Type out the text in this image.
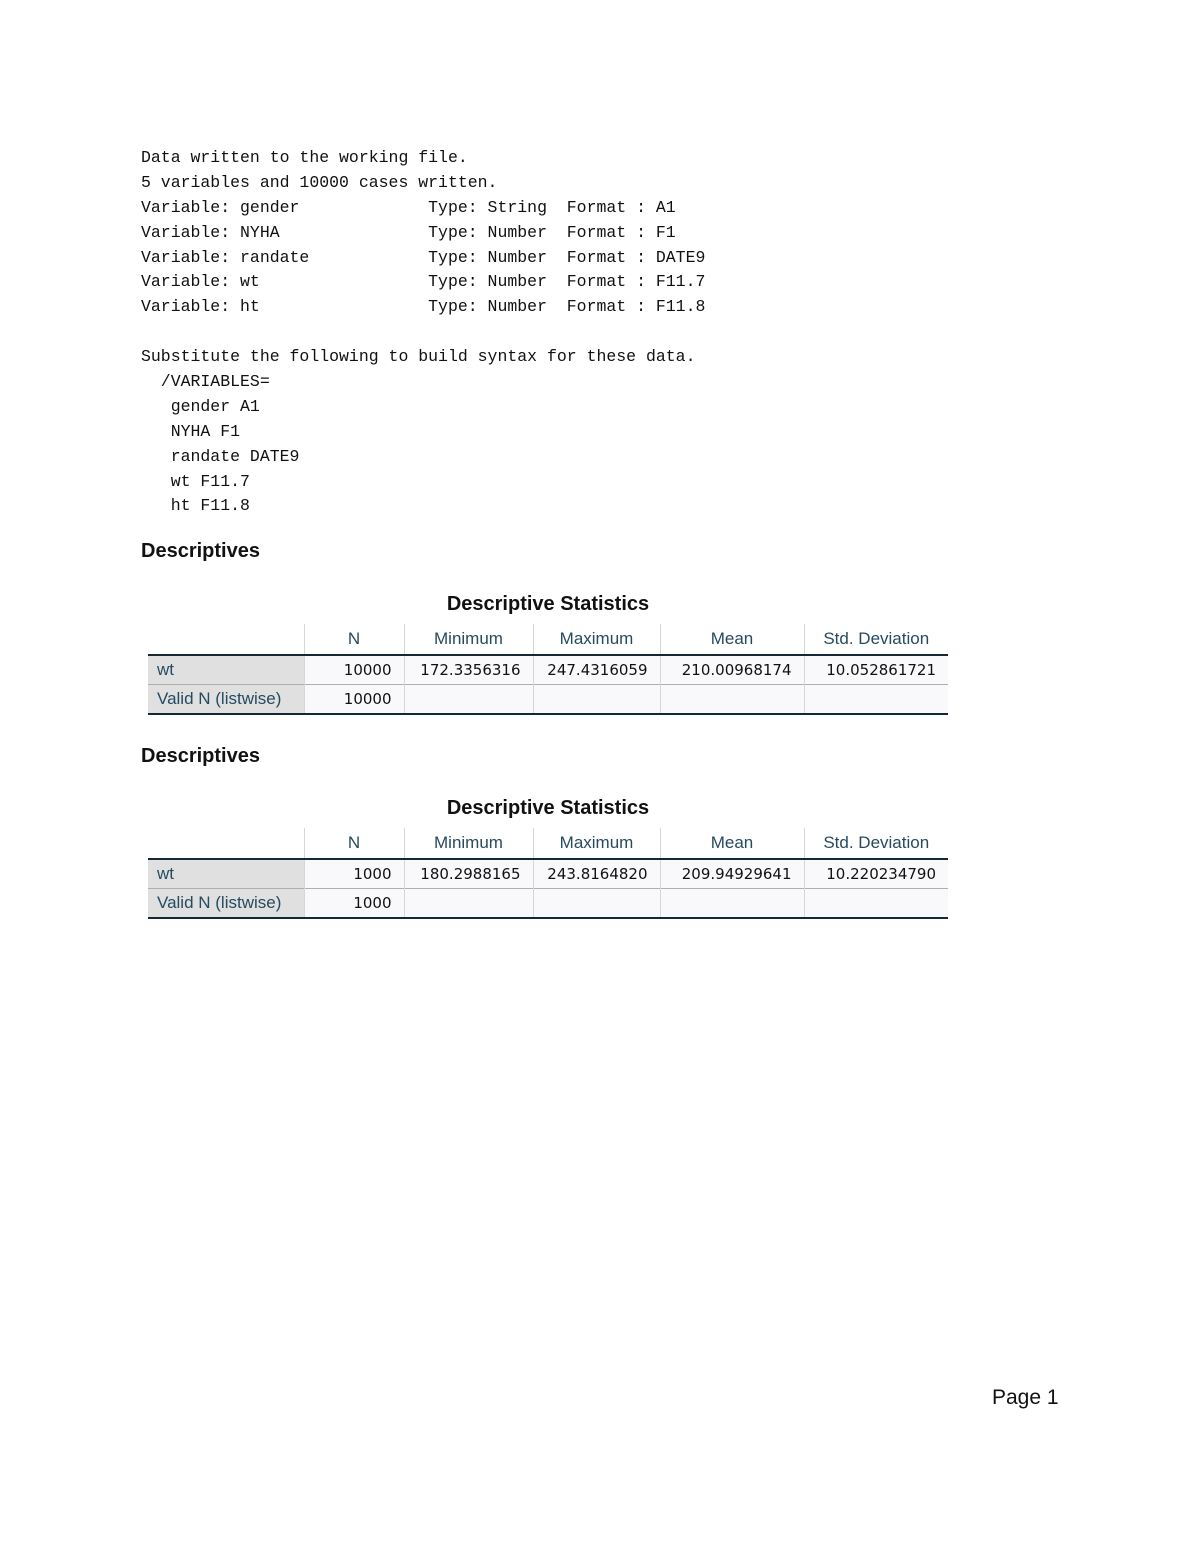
Data written to the working file.
5 variables and 10000 cases written.
Variable: gender             Type: String  Format : A1
Variable: NYHA               Type: Number  Format : F1
Variable: randate            Type: Number  Format : DATE9
Variable: wt                 Type: Number  Format : F11.7
Variable: ht                 Type: Number  Format : F11.8
Substitute the following to build syntax for these data.
/VARIABLES=
gender A1
NYHA F1
randate DATE9
wt F11.7
ht F11.8
Descriptives
Descriptive Statistics
	N	Minimum	Maximum	Mean	Std. Deviation
wt	10000	172.3356316	247.4316059	210.00968174	10.052861721
Valid N (listwise)	10000				
Descriptives
Descriptive Statistics
	N	Minimum	Maximum	Mean	Std. Deviation
wt	1000	180.2988165	243.8164820	209.94929641	10.220234790
Valid N (listwise)	1000				
Page 1
